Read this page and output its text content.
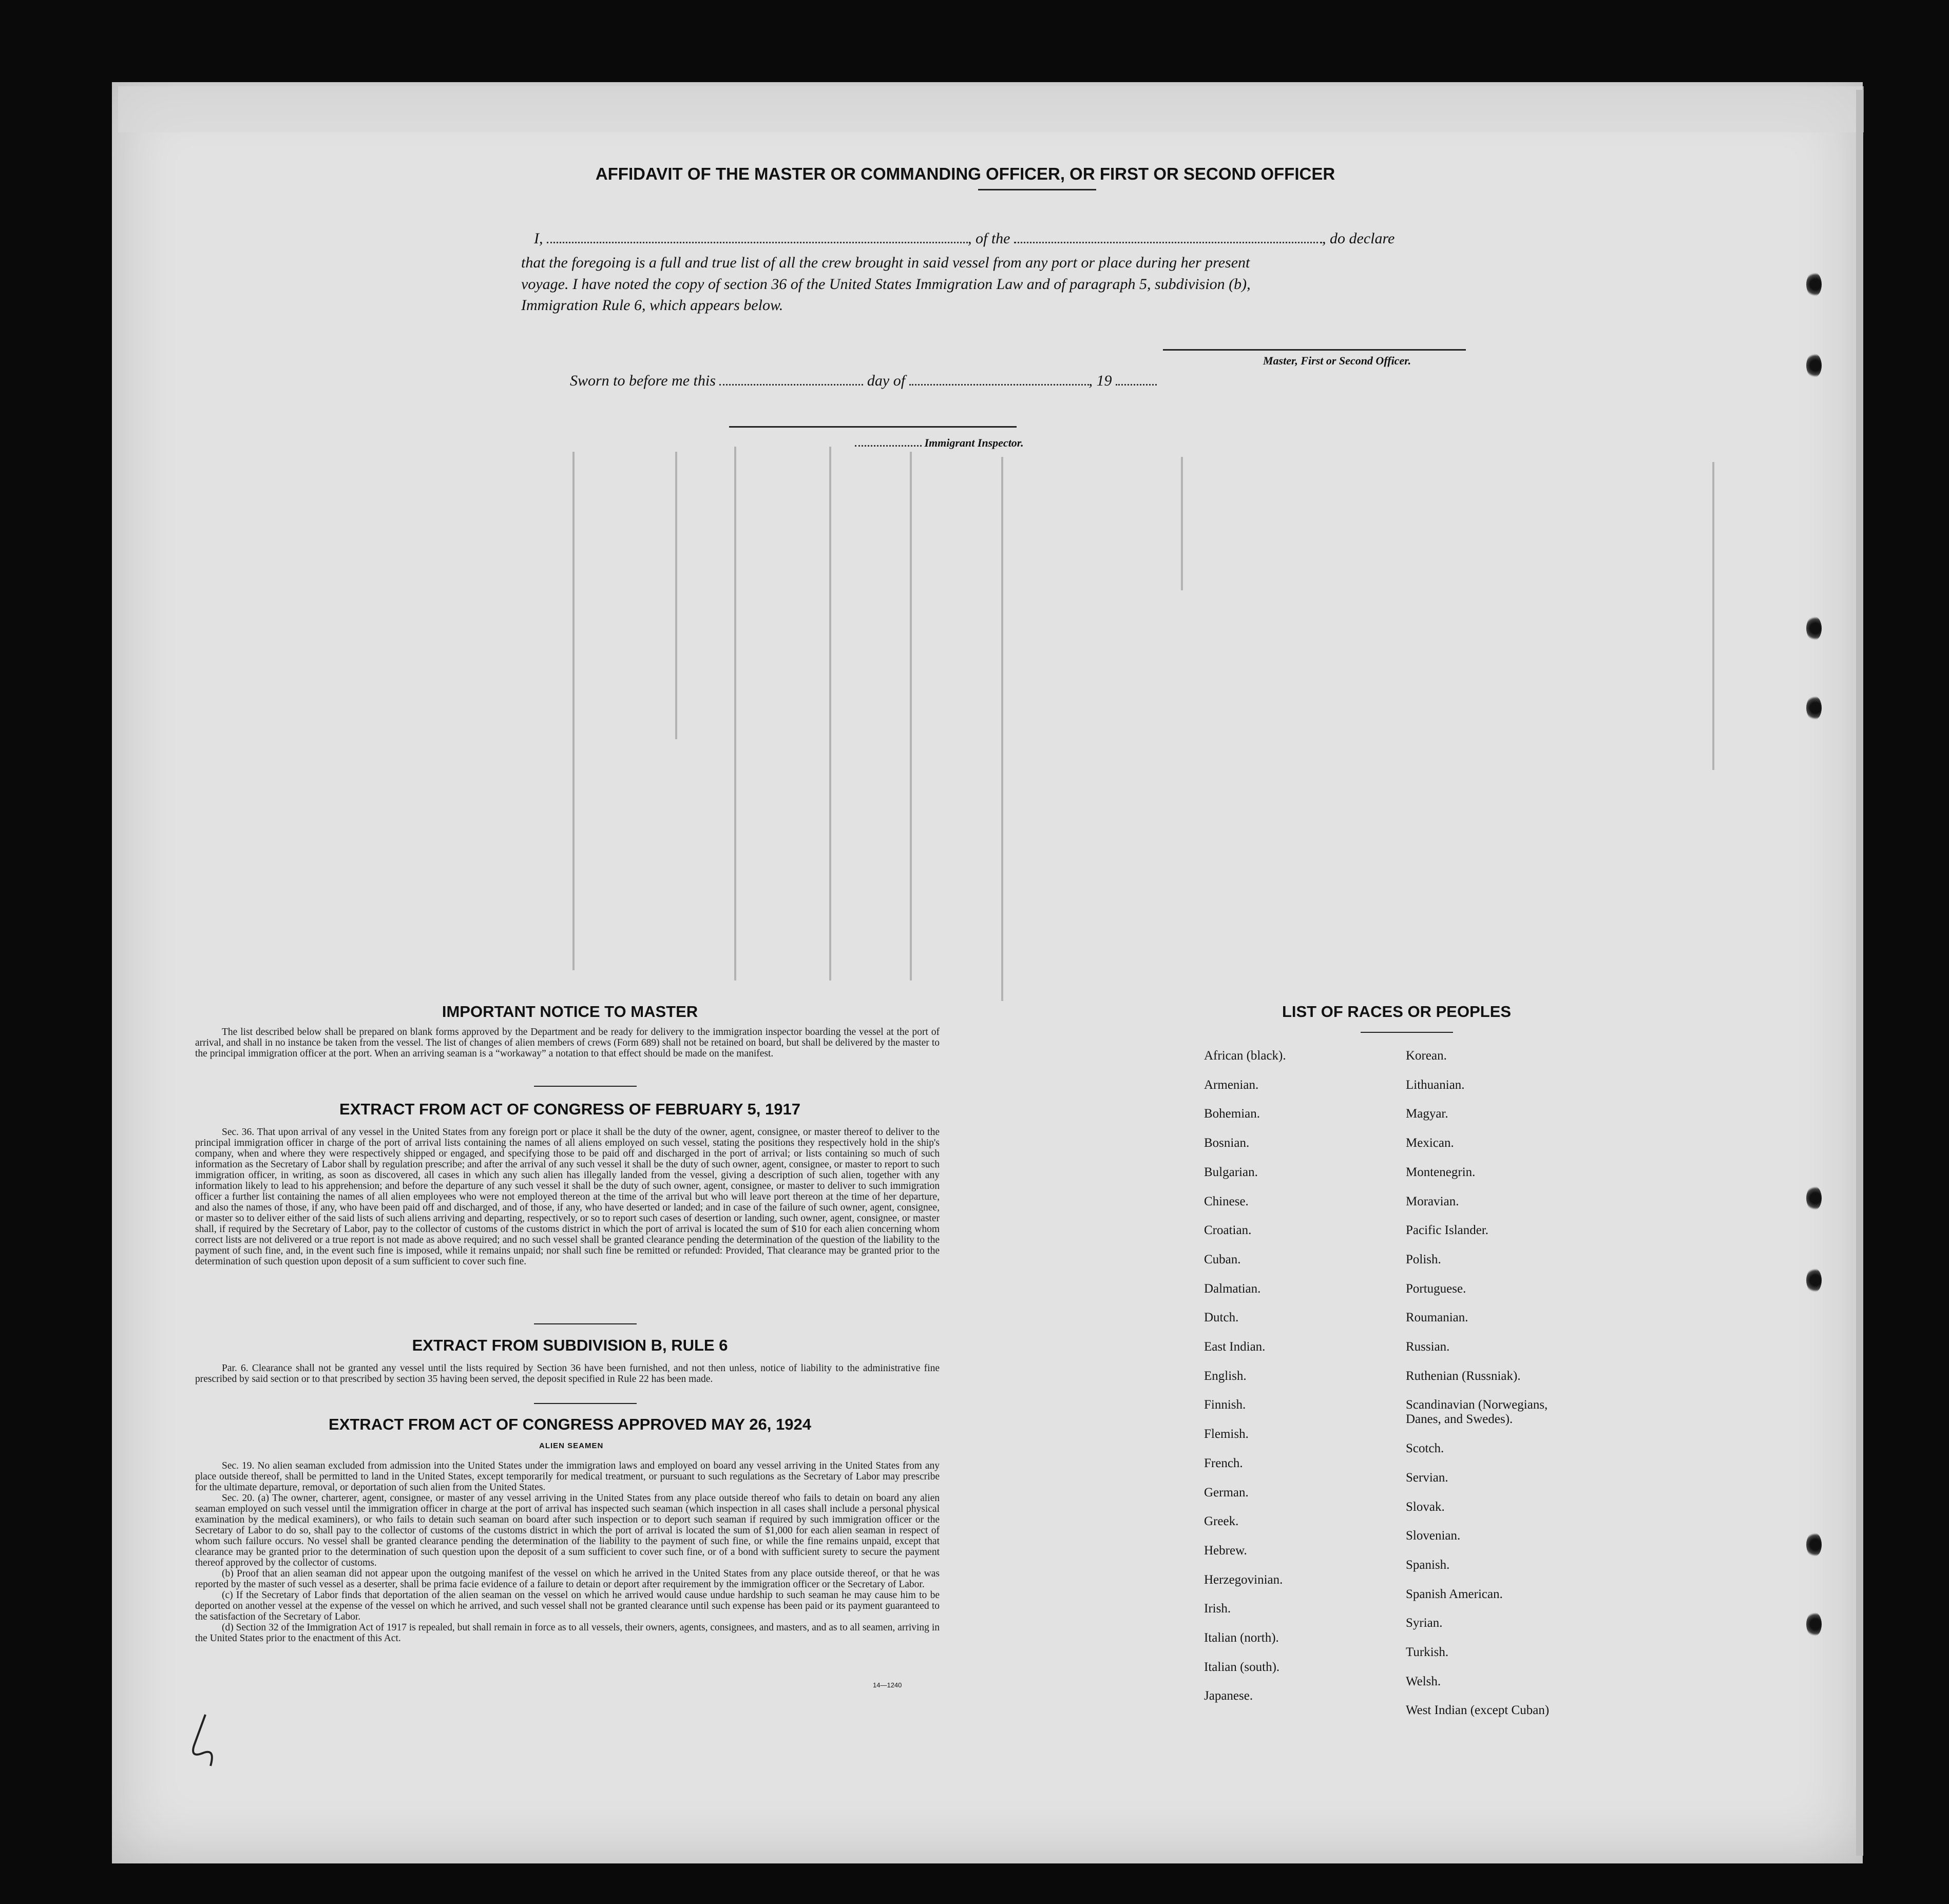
AFFIDAVIT OF THE MASTER OR COMMANDING OFFICER, OR FIRST OR SECOND OFFICER
I,	, of the	, do declare
that the foregoing is a full and true list of all the crew brought in said vessel from any port or place during her present
voyage. I have noted the copy of section 36 of the United States Immigration Law and of paragraph 5, subdivision (b),
Immigration Rule 6, which appears below.
Master, First or Second Officer.
Sworn to before me this	day of	, 19
Immigrant Inspector.
IMPORTANT NOTICE TO MASTER

The list described below shall be prepared on blank forms approved by the Department and be ready for delivery to the immigration inspector boarding the vessel at the port of arrival, and shall in no instance be taken from the vessel. The list of changes of alien members of crews (Form 689) shall not be retained on board, but shall be delivered by the master to the principal immigration officer at the port. When an arriving seaman is a “workaway” a notation to that effect should be made on the manifest.

EXTRACT FROM ACT OF CONGRESS OF FEBRUARY 5, 1917

Sec. 36. That upon arrival of any vessel in the United States from any foreign port or place it shall be the duty of the owner, agent, consignee, or master thereof to deliver to the principal immigration officer in charge of the port of arrival lists containing the names of all aliens employed on such vessel, stating the positions they respectively hold in the ship's company, when and where they were respectively shipped or engaged, and specifying those to be paid off and discharged in the port of arrival; or lists containing so much of such information as the Secretary of Labor shall by regulation prescribe; and after the arrival of any such vessel it shall be the duty of such owner, agent, consignee, or master to report to such immigration officer, in writing, as soon as discovered, all cases in which any such alien has illegally landed from the vessel, giving a description of such alien, together with any information likely to lead to his apprehension; and before the departure of any such vessel it shall be the duty of such owner, agent, consignee, or master to deliver to such immigration officer a further list containing the names of all alien employees who were not employed thereon at the time of the arrival but who will leave port thereon at the time of her departure, and also the names of those, if any, who have been paid off and discharged, and of those, if any, who have deserted or landed; and in case of the failure of such owner, agent, consignee, or master so to deliver either of the said lists of such aliens arriving and departing, respectively, or so to report such cases of desertion or landing, such owner, agent, consignee, or master shall, if required by the Secretary of Labor, pay to the collector of customs of the customs district in which the port of arrival is located the sum of $10 for each alien concerning whom correct lists are not delivered or a true report is not made as above required; and no such vessel shall be granted clearance pending the determination of the question of the liability to the payment of such fine, and, in the event such fine is imposed, while it remains unpaid; nor shall such fine be remitted or refunded: Provided, That clearance may be granted prior to the determination of such question upon deposit of a sum sufficient to cover such fine.

EXTRACT FROM SUBDIVISION B, RULE 6

Par. 6. Clearance shall not be granted any vessel until the lists required by Section 36 have been furnished, and not then unless, notice of liability to the administrative fine prescribed by said section or to that prescribed by section 35 having been served, the deposit specified in Rule 22 has been made.

EXTRACT FROM ACT OF CONGRESS APPROVED MAY 26, 1924
ALIEN SEAMEN

Sec. 19. No alien seaman excluded from admission into the United States under the immigration laws and employed on board any vessel arriving in the United States from any place outside thereof, shall be permitted to land in the United States, except temporarily for medical treatment, or pursuant to such regulations as the Secretary of Labor may prescribe for the ultimate departure, removal, or deportation of such alien from the United States.

Sec. 20. (a) The owner, charterer, agent, consignee, or master of any vessel arriving in the United States from any place outside thereof who fails to detain on board any alien seaman employed on such vessel until the immigration officer in charge at the port of arrival has inspected such seaman (which inspection in all cases shall include a personal physical examination by the medical examiners), or who fails to detain such seaman on board after such inspection or to deport such seaman if required by such immigration officer or the Secretary of Labor to do so, shall pay to the collector of customs of the customs district in which the port of arrival is located the sum of $1,000 for each alien seaman in respect of whom such failure occurs. No vessel shall be granted clearance pending the determination of the liability to the payment of such fine, or while the fine remains unpaid, except that clearance may be granted prior to the determination of such question upon the deposit of a sum sufficient to cover such fine, or of a bond with sufficient surety to secure the payment thereof approved by the collector of customs.

(b) Proof that an alien seaman did not appear upon the outgoing manifest of the vessel on which he arrived in the United States from any place outside thereof, or that he was reported by the master of such vessel as a deserter, shall be prima facie evidence of a failure to detain or deport after requirement by the immigration officer or the Secretary of Labor.

(c) If the Secretary of Labor finds that deportation of the alien seaman on the vessel on which he arrived would cause undue hardship to such seaman he may cause him to be deported on another vessel at the expense of the vessel on which he arrived, and such vessel shall not be granted clearance until such expense has been paid or its payment guaranteed to the satisfaction of the Secretary of Labor.

(d) Section 32 of the Immigration Act of 1917 is repealed, but shall remain in force as to all vessels, their owners, agents, consignees, and masters, and as to all seamen, arriving in the United States prior to the enactment of this Act.

14—1240
LIST OF RACES OR PEOPLES
African (black).
Armenian.
Bohemian.
Bosnian.
Bulgarian.
Chinese.
Croatian.
Cuban.
Dalmatian.
Dutch.
East Indian.
English.
Finnish.
Flemish.
French.
German.
Greek.
Hebrew.
Herzegovinian.
Irish.
Italian (north).
Italian (south).
Japanese.
Korean.
Lithuanian.
Magyar.
Mexican.
Montenegrin.
Moravian.
Pacific Islander.
Polish.
Portuguese.
Roumanian.
Russian.
Ruthenian (Russniak).
Scandinavian (Norwegians,
Danes, and Swedes).
Scotch.
Servian.
Slovak.
Slovenian.
Spanish.
Spanish American.
Syrian.
Turkish.
Welsh.
West Indian (except Cuban)
